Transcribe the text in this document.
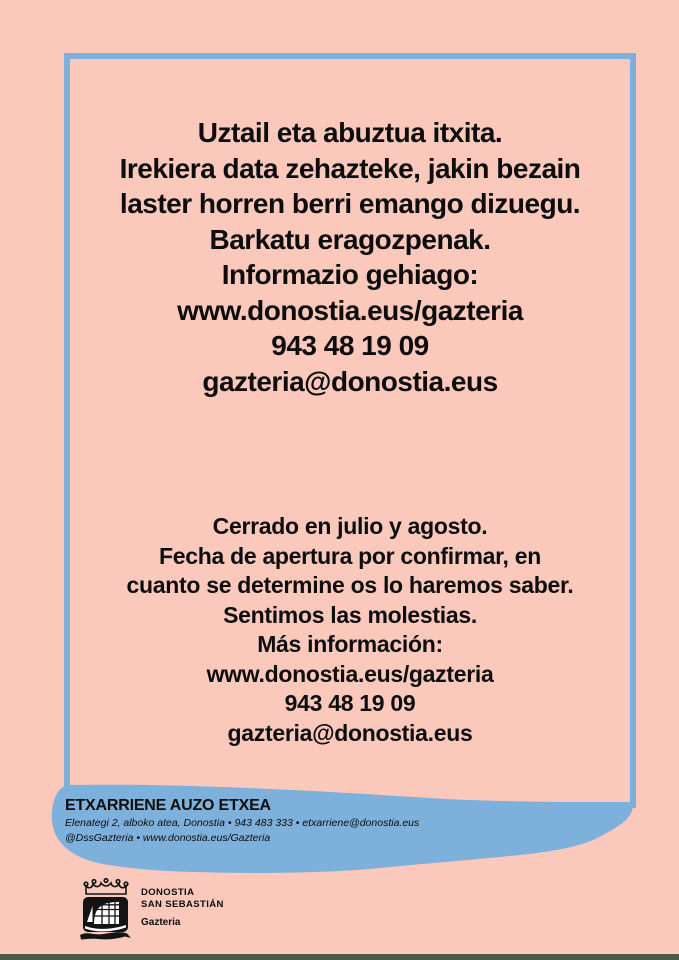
Uztail eta abuztua itxita.
Irekiera data zehazteke, jakin bezain
laster horren berri emango dizuegu.
Barkatu eragozpenak.
Informazio gehiago:
www.donostia.eus/gazteria
943 48 19 09
gazteria@donostia.eus
Cerrado en julio y agosto.
Fecha de apertura por confirmar, en
cuanto se determine os lo haremos saber.
Sentimos las molestias.
Más información:
www.donostia.eus/gazteria
943 48 19 09
gazteria@donostia.eus
ETXARRIENE AUZO ETXEA
Elenategi 2, alboko atea, Donostia • 943 483 333 • etxarriene@donostia.eus
@DssGazteria • www.donostia.eus/Gazteria
DONOSTIA
SAN SEBASTIÁN
Gazteria
